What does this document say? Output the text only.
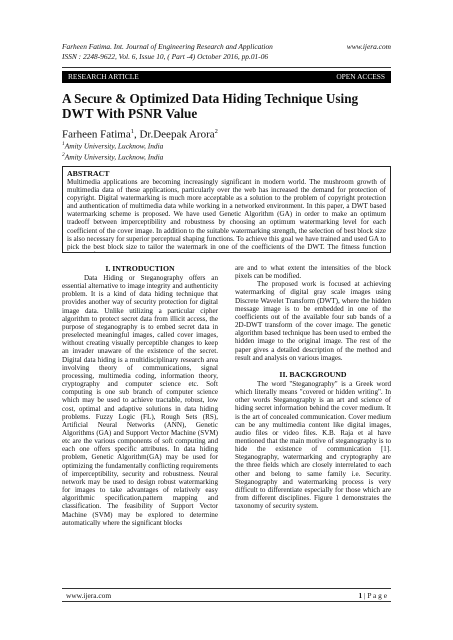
Farheen Fatima. Int. Journal of Engineering Research and Application	www.ijera.com
ISSN : 2248-9622, Vol. 6, Issue 10, ( Part -4) October 2016, pp.01-06
RESEARCH ARTICLE	OPEN ACCESS
A Secure & Optimized Data Hiding Technique Using DWT With PSNR Value
Farheen Fatima$^1$, Dr.Deepak Arora$^2$
$^1$Amity University, Lucknow, India
$^2$Amity University, Lucknow, India
ABSTRACT
Multimedia applications are becoming increasingly significant in modern world. The mushroom growth of multimedia data of these applications, particularly over the web has increased the demand for protection of copyright. Digital watermarking is much more acceptable as a solution to the problem of copyright protection and authentication of multimedia data while working in a networked environment. In this paper, a DWT based watermarking scheme is proposed. We have used Genetic Algorithm (GA) in order to make an optimum tradeoff between imperceptibility and robustness by choosing an optimum watermarking level for each coefficient of the cover image. In addition to the suitable watermarking strength, the selection of best block size is also necessary for superior perceptual shaping functions. To achieve this goal we have trained and used GA to pick the best block size to tailor the watermark in one of the coefficients of the DWT. The fitness function
I. INTRODUCTION

Data Hiding or Steganography offers an essential alternative to image integrity and authenticity problem. It is a kind of data hiding technique that provides another way of security protection for digital image data. Unlike utilizing a particular cipher algorithm to protect secret data from illicit access, the purpose of steganography is to embed secret data in preselected meaningful images, called cover images, without creating visually perceptible changes to keep an invader unaware of the existence of the secret. Digital data hiding is a multidisciplinary research area involving theory of communications, signal processing, multimedia coding, information theory, cryptography and computer science etc. Soft computing is one sub branch of computer science which may be used to achieve tractable, robust, low cost, optimal and adaptive solutions in data hiding problems. Fuzzy Logic (FL), Rough Sets (RS), Artificial Neural Networks (ANN), Genetic Algorithms (GA) and Support Vector Machine (SVM) etc are the various components of soft computing and each one offers specific attributes. In data hiding problem, Genetic Algorithm(GA) may be used for optimizing the fundamentally conflicting requirements of imperceptibility, security and robustness. Neural network may be used to design robust watermarking for images to take advantages of relatively easy algorithmic specification,pattern mapping and classification. The feasibility of Support Vector Machine (SVM) may be explored to determine automatically where the significant blocks

are and to what extent the intensities of the block pixels can be modified.

The proposed work is focused at achieving watermarking of digital gray scale images using Discrete Wavelet Transform (DWT), where the hidden message image is to be embedded in one of the coefficients out of the available four sub bands of a 2D-DWT transform of the cover image. The genetic algorithm based technique has been used to embed the hidden image to the original image. The rest of the paper gives a detailed description of the method and result and analysis on various images.

II. BACKGROUND

The word "Steganography" is a Greek word which literally means "covered or hidden writing". In other words Steganography is an art and science of hiding secret information behind the cover medium. It is the art of concealed communication. Cover medium can be any multimedia content like digital images, audio files or video files. K.B. Raja et al have mentioned that the main motive of steganography is to hide the existence of communication [1]. Steganography, watermarking and cryptography are the three fields which are closely interrelated to each other and belong to same family i.e. Security. Steganography and watermarking process is very difficult to differentiate especially for those which are from different disciplines. Figure 1 demonstrates the taxonomy of security system.

www.ijera.com	1 | P a g e
